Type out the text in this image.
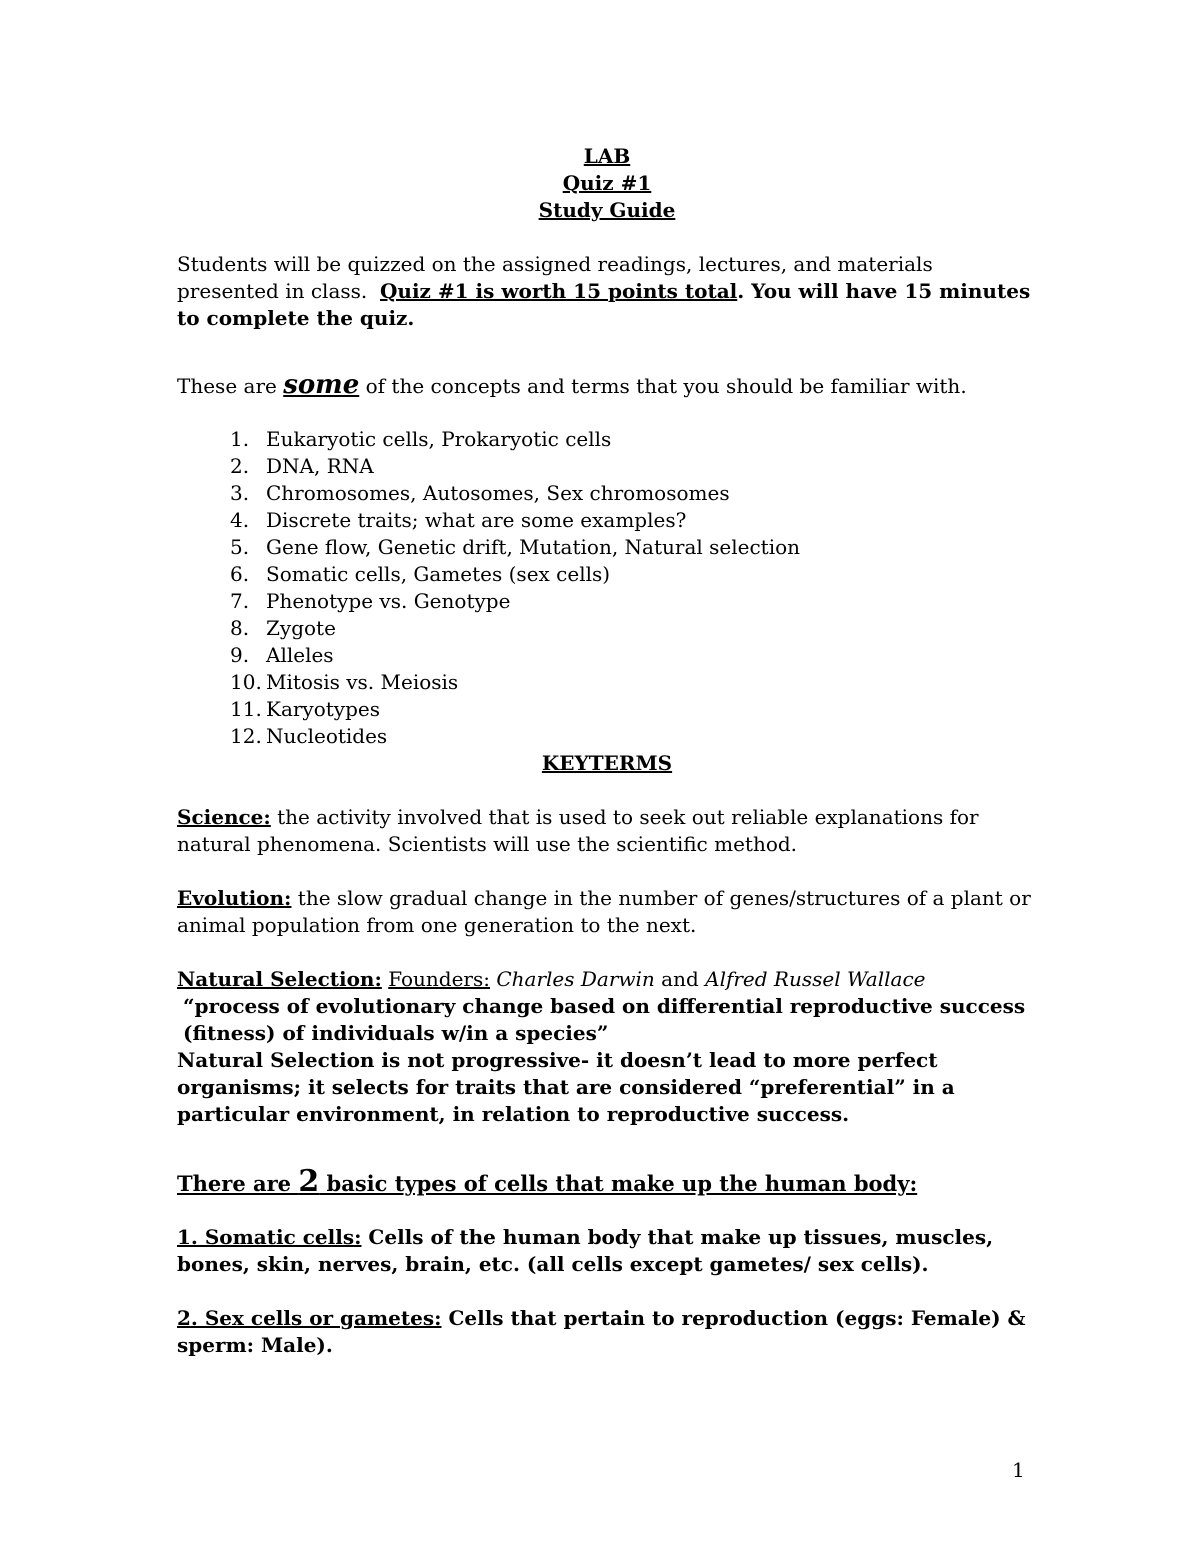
LAB

Quiz #1

Study Guide

Students will be quizzed on the assigned readings, lectures, and materials presented in class. Quiz #1 is worth 15 points total. You will have 15 minutes to complete the quiz.

These are some of the concepts and terms that you should be familiar with.

1. Eukaryotic cells, Prokaryotic cells
2. DNA, RNA
3. Chromosomes, Autosomes, Sex chromosomes
4. Discrete traits; what are some examples?
5. Gene flow, Genetic drift, Mutation, Natural selection
6. Somatic cells, Gametes (sex cells)
7. Phenotype vs. Genotype
8. Zygote
9. Alleles
10. Mitosis vs. Meiosis
11. Karyotypes
12. Nucleotides

KEYTERMS

Science: the activity involved that is used to seek out reliable explanations for natural phenomena. Scientists will use the scientific method.

Evolution: the slow gradual change in the number of genes/structures of a plant or animal population from one generation to the next.

Natural Selection: Founders: Charles Darwin and Alfred Russel Wallace

“process of evolutionary change based on differential reproductive success (fitness) of individuals w/in a species”

Natural Selection is not progressive- it doesn’t lead to more perfect organisms; it selects for traits that are considered “preferential” in a particular environment, in relation to reproductive success.

There are 2 basic types of cells that make up the human body:

1. Somatic cells: Cells of the human body that make up tissues, muscles, bones, skin, nerves, brain, etc. (all cells except gametes/ sex cells).

2. Sex cells or gametes: Cells that pertain to reproduction (eggs: Female) & sperm: Male).

1
